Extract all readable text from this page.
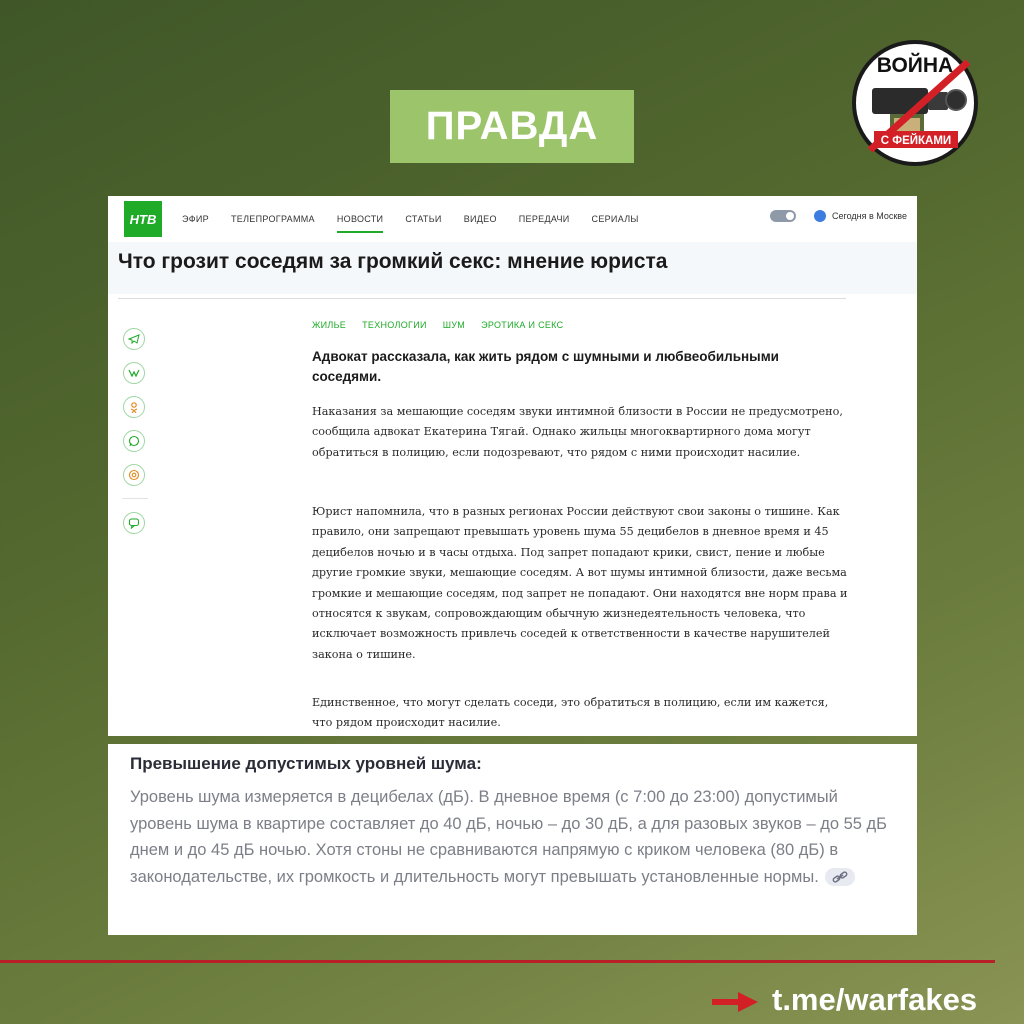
ПРАВДА
ВОЙНА
С ФЕЙКАМИ
НТВ	ЭФИР ТЕЛЕПРОГРАММА НОВОСТИ СТАТЬИ ВИДЕО ПЕРЕДАЧИ СЕРИАЛЫ	Сегодня в Москве
Что грозит соседям за громкий секс: мнение юриста
ЖИЛЬЕ ТЕХНОЛОГИИ ШУМ ЭРОТИКА И СЕКС

Адвокат рассказала, как жить рядом с шумными и любвеобильными соседями.

Наказания за мешающие соседям звуки интимной близости в России не предусмотрено, сообщила адвокат Екатерина Тягай. Однако жильцы многоквартирного дома могут обратиться в полицию, если подозревают, что рядом с ними происходит насилие.

Юрист напомнила, что в разных регионах России действуют свои законы о тишине. Как правило, они запрещают превышать уровень шума 55 децибелов в дневное время и 45 децибелов ночью и в часы отдыха. Под запрет попадают крики, свист, пение и любые другие громкие звуки, мешающие соседям. А вот шумы интимной близости, даже весьма громкие и мешающие соседям, под запрет не попадают. Они находятся вне норм права и относятся к звукам, сопровождающим обычную жизнедеятельность человека, что исключает возможность привлечь соседей к ответственности в качестве нарушителей закона о тишине.

Единственное, что могут сделать соседи, это обратиться в полицию, если им кажется, что рядом происходит насилие.

Превышение допустимых уровней шума:

Уровень шума измеряется в децибелах (дБ). В дневное время (с 7:00 до 23:00) допустимый уровень шума в квартире составляет до 40 дБ, ночью – до 30 дБ, а для разовых звуков – до 55 дБ днем и до 45 дБ ночью. Хотя стоны не сравниваются напрямую с криком человека (80 дБ) в законодательстве, их громкость и длительность могут превышать установленные нормы.

t.me/warfakes
